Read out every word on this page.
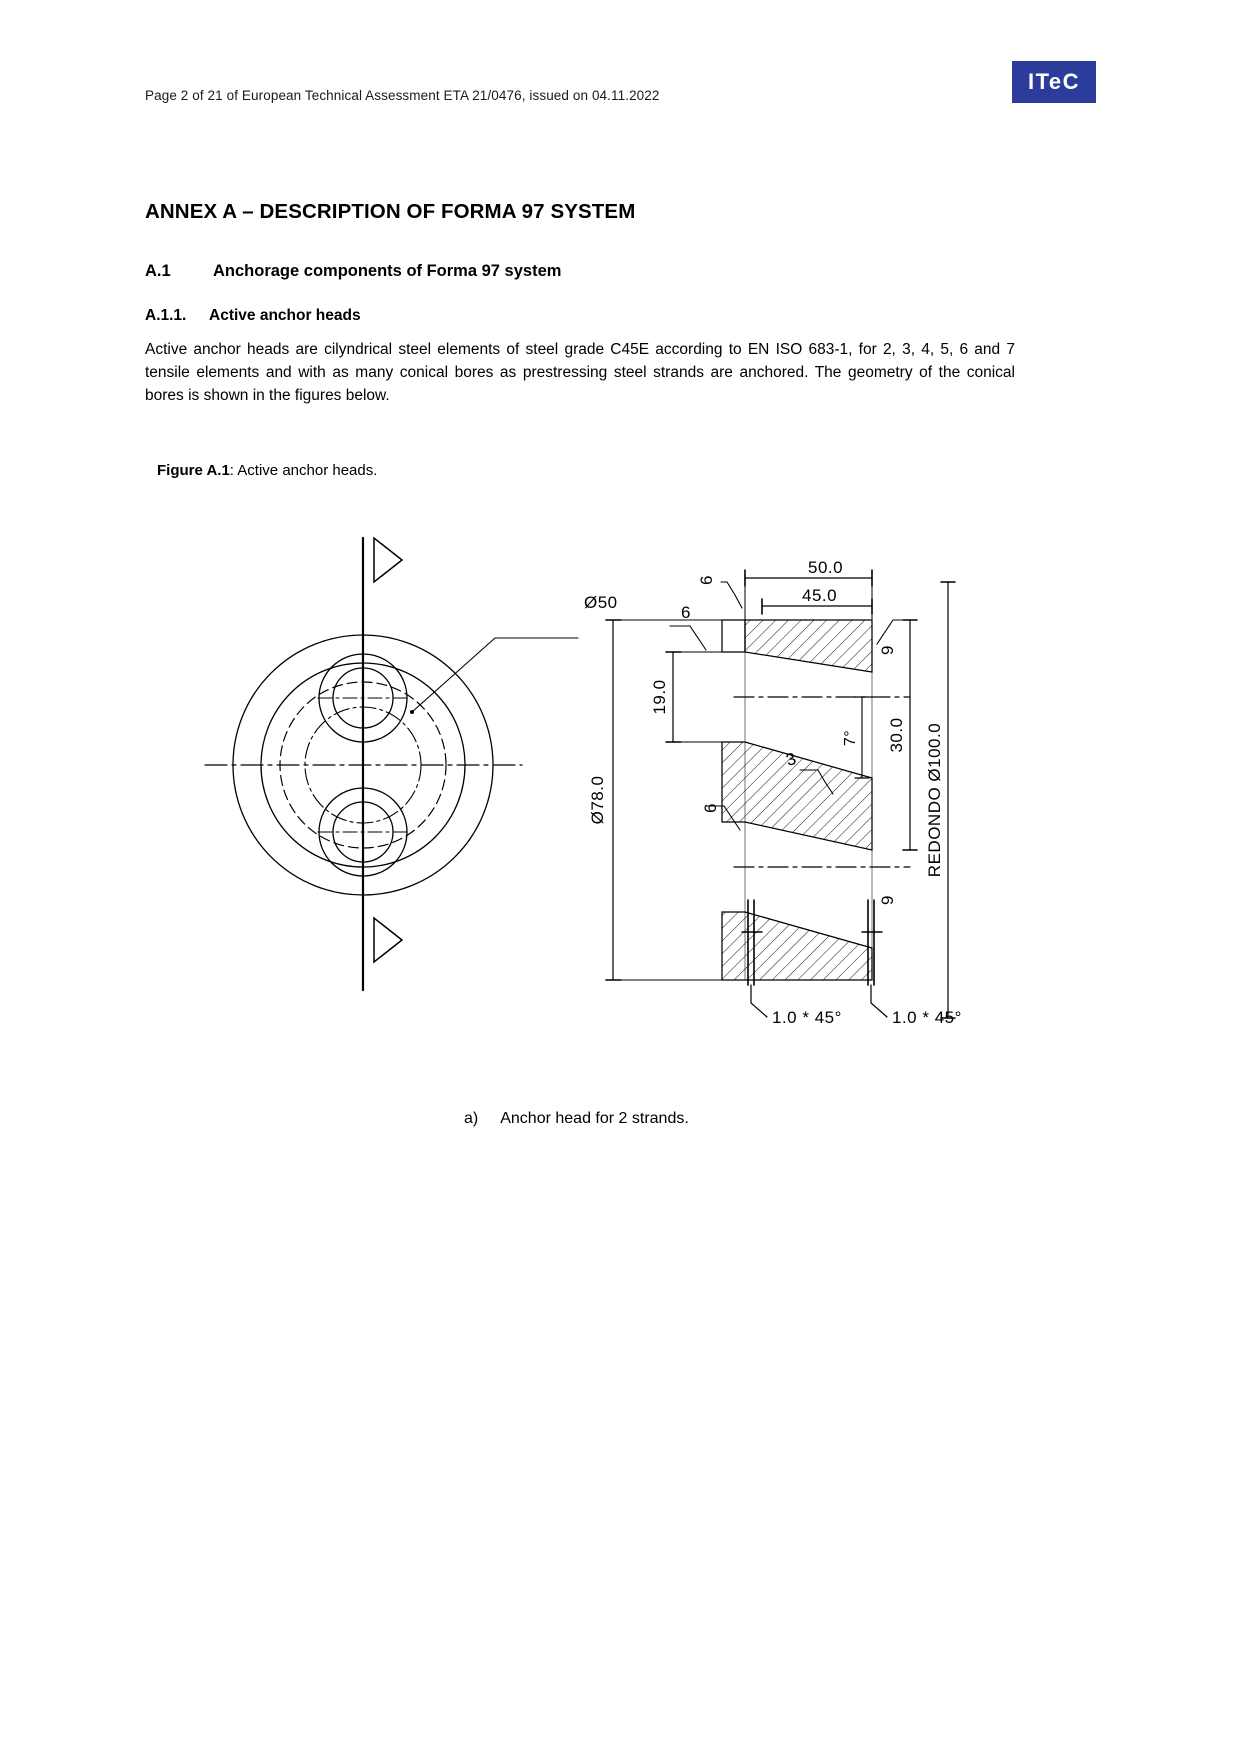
Page 2 of 21 of European Technical Assessment ETA 21/0476, issued on 04.11.2022
ITeC
ANNEX A – DESCRIPTION OF FORMA 97 SYSTEM
A.1	Anchorage components of Forma 97 system
A.1.1.	Active anchor heads

Active anchor heads are cilyndrical steel elements of steel grade C45E according to EN ISO 683-1, for 2, 3, 4, 5, 6 and 7 tensile elements and with as many conical bores as prestressing steel strands are anchored. The geometry of the conical bores is shown in the figures below.

Figure A.1: Active anchor heads.
Ø50
50.0
45.0
19.0
Ø78.0
30.0 REDONDO Ø100.0
7°
3
6
6
6
9
9
1.0 * 45°	1.0 * 45°
a) Anchor head for 2 strands.
